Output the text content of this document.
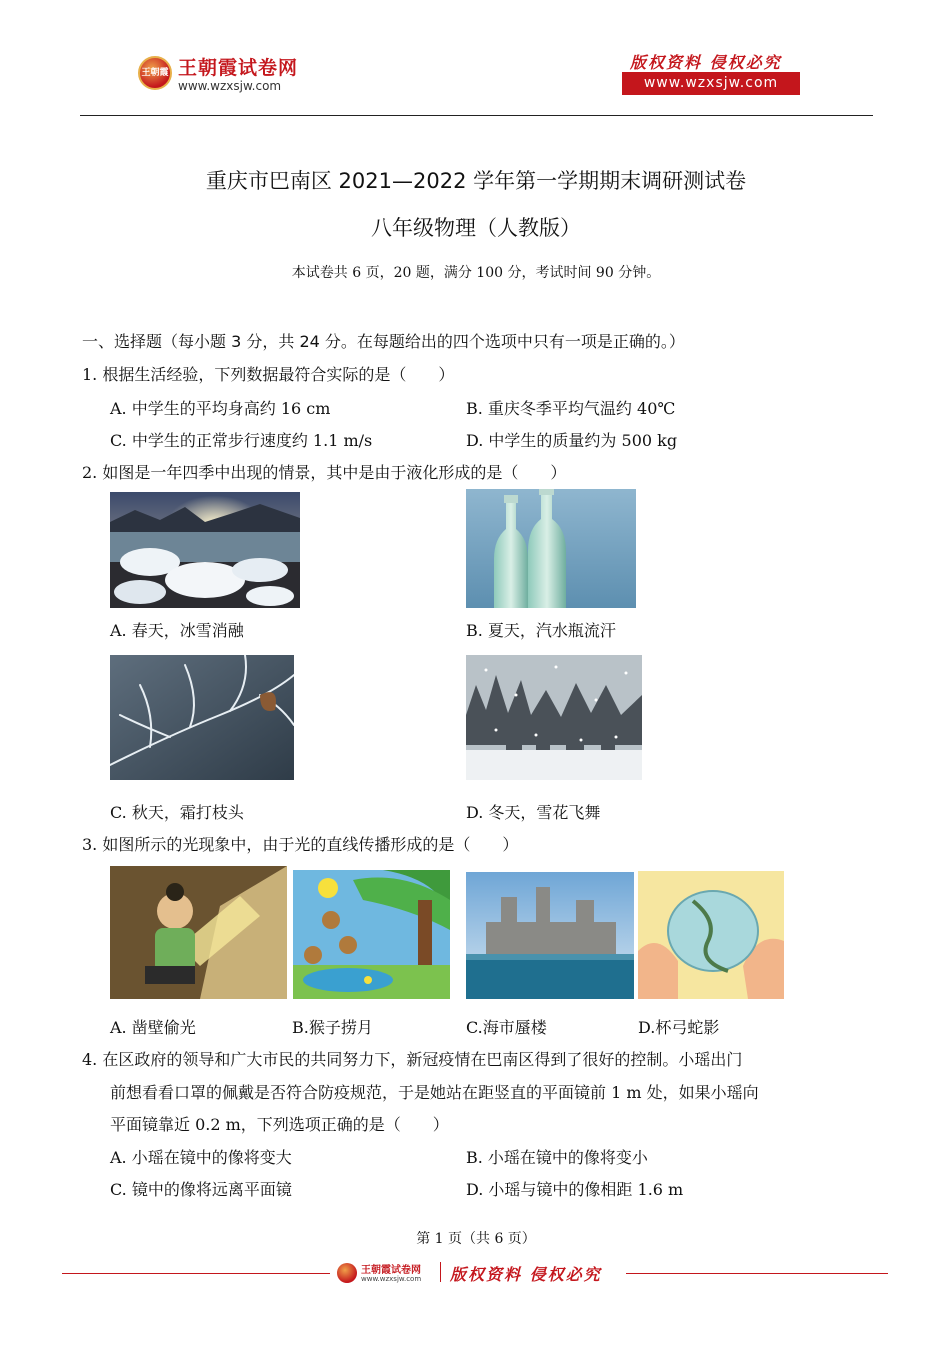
王朝霞 王朝霞试卷网
www.wzxsjw.com
版权资料 侵权必究
www.wzxsjw.com
重庆市巴南区 2021—2022 学年第一学期期末调研测试卷
八年级物理（人教版）
本试卷共 6 页，20 题，满分 100 分，考试时间 90 分钟。
一、选择题（每小题 3 分，共 24 分。在每题给出的四个选项中只有一项是正确的。）
1. 根据生活经验，下列数据最符合实际的是（　　）
A. 中学生的平均身高约 16 cm	B. 重庆冬季平均气温约 40℃
C. 中学生的正常步行速度约 1.1 m/s	D. 中学生的质量约为 500 kg
2. 如图是一年四季中出现的情景，其中是由于液化形成的是（　　）
A. 春天，冰雪消融	B. 夏天，汽水瓶流汗
C. 秋天，霜打枝头	D. 冬天，雪花飞舞
3. 如图所示的光现象中，由于光的直线传播形成的是（　　）
A. 凿壁偷光	B.猴子捞月	C.海市蜃楼	D.杯弓蛇影
4. 在区政府的领导和广大市民的共同努力下，新冠疫情在巴南区得到了很好的控制。小瑶出门
前想看看口罩的佩戴是否符合防疫规范，于是她站在距竖直的平面镜前 1 m 处，如果小瑶向
平面镜靠近 0.2 m，下列选项正确的是（　　）
A. 小瑶在镜中的像将变大	B. 小瑶在镜中的像将变小
C. 镜中的像将远离平面镜	D. 小瑶与镜中的像相距 1.6 m
第 1 页（共 6 页）
王朝霞试卷网
www.wzxsjw.com 版权资料 侵权必究
